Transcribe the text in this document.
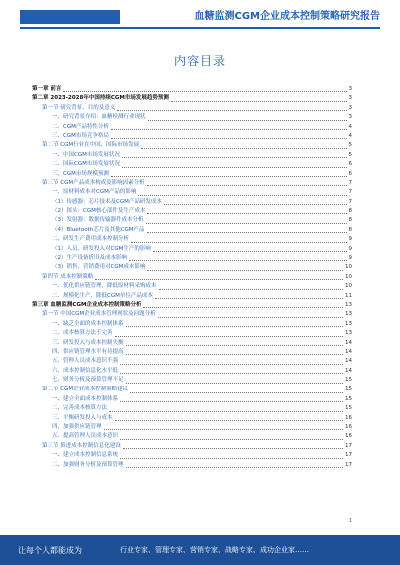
血糖监测CGM企业成本控制策略研究报告
内容目录
第一章 前言	3
第二章 2023-2028年中国持续CGM市场发展趋势预测	3
第一节 研究背景、目的及意义	3
一、研究背景介绍：血糖检测行业现状	3
二、CGM产品特性分析	4
三、CGM市场竞争格局	4
第二节 CGM行业在中国、国际市场发展	5
一、中国CGM市场发展状况	5
二、国际CGM市场发展状况	6
三、CGM市场规模预测	6
第三节 CGM产品成本构成及影响因素分析	7
一、原材料成本对CGM产品的影响	7
（1）传感器：芯片技术及CGM产品研发成本	7
（2）探头：CGM核心部件及生产成本	8
（3）发射器：数据传输器件成本分析	8
（4）Bluetooth芯片及其他CGM产品	8
二、研发生产费用成本控制分析	9
（1）人员、研发投入对CGM生产的影响	9
（2）生产设备折旧及成本影响	9
（3）销售、营销费用对CGM成本影响	10
第四节 成本控制策略	10
一、优化供应链管理，降低原材料采购成本	10
二、规模化生产，降低CGM单位产品成本	11
第三章 血糖监测CGM企业成本控制策略分析	13
第一节 中国CGM企业成本管理现状及问题分析	13
一、缺乏全面的成本控制体系	13
二、成本核算方法不完善	13
三、研发投入与成本控制失衡	14
四、供应链管理水平有待提高	14
五、管理人员成本意识不强	14
六、成本控制信息化水平低	14
七、财务分析及预算管理不足	15
第二节 CGM企业成本控制策略建议	15
一、建立全面成本控制体系	15
二、完善成本核算方法	15
三、平衡研发投入与成本	16
四、加强供应链管理	16
五、提高管理人员成本意识	16
第三节 推进成本控制信息化建设	17
一、建立成本控制信息系统	17
二、加强财务分析及预算管理	17
1
让每个人都能成为	行业专家、管理专家、营销专家、战略专家、成功企业家……
